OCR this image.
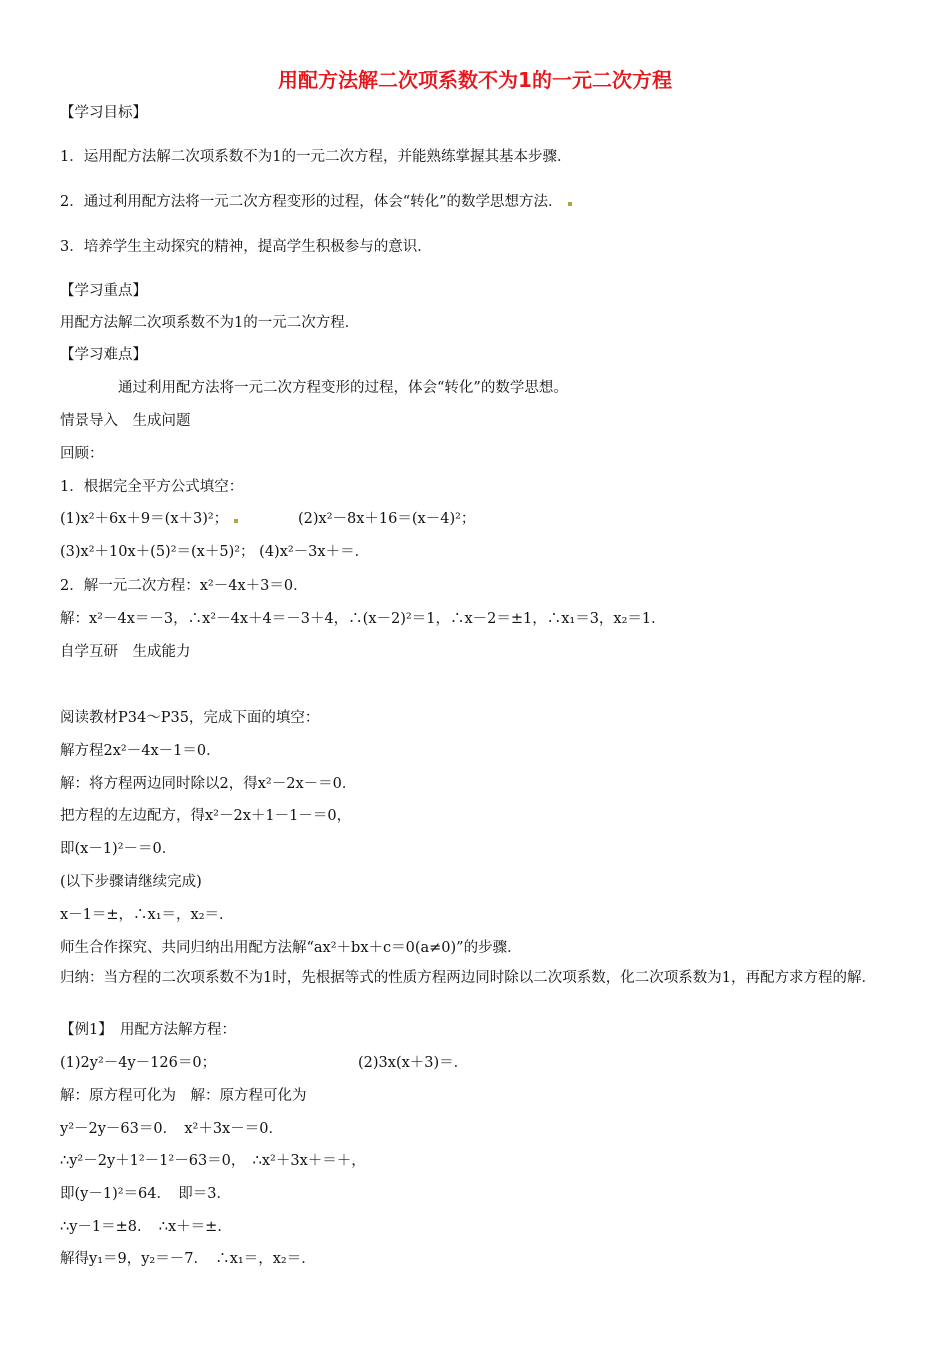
用配方法解二次项系数不为1的一元二次方程
【学习目标】
1．运用配方法解二次项系数不为1的一元二次方程，并能熟练掌握其基本步骤．
2．通过利用配方法将一元二次方程变形的过程，体会“转化”的数学思想方法．
3．培养学生主动探究的精神，提高学生积极参与的意识．
【学习重点】
用配方法解二次项系数不为1的一元二次方程．
【学习难点】
通过利用配方法将一元二次方程变形的过程，体会“转化”的数学思想。
情景导入　生成问题
回顾：
1．根据完全平方公式填空：
(1)x²＋6x＋9＝(x＋3)²；	(2)x²－8x＋16＝(x－4)²；
(3)x²＋10x＋(5)²＝(x＋5)²； (4)x²－3x＋＝．
2．解一元二次方程：x²－4x＋3＝0．
解：x²－4x＝－3，∴x²－4x＋4＝－3＋4，∴(x－2)²＝1，∴x－2＝±1，∴x₁＝3，x₂＝1．
自学互研　生成能力
阅读教材P34～P35，完成下面的填空：
解方程2x²－4x－1＝0．
解：将方程两边同时除以2，得x²－2x－＝0．
把方程的左边配方，得x²－2x＋1－1－＝0，
即(x－1)²－＝0．
(以下步骤请继续完成)
x－1＝±，∴x₁＝，x₂＝．
师生合作探究、共同归纳出用配方法解“ax²＋bx＋c＝0(a≠0)”的步骤．
归纳：当方程的二次项系数不为1时，先根据等式的性质方程两边同时除以二次项系数，化二次项系数为1，再配方求方程的解．
【例1】　用配方法解方程：
(1)2y²－4y－126＝0；	(2)3x(x＋3)＝．
解：原方程可化为　解：原方程可化为
y²－2y－63＝0．　x²＋3x－＝0．
∴y²－2y＋1²－1²－63＝0，　∴x²＋3x＋＝＋，
即(y－1)²＝64．　即＝3．
∴y－1＝±8．　∴x＋＝±．
解得y₁＝9，y₂＝－7．　∴x₁＝，x₂＝．
